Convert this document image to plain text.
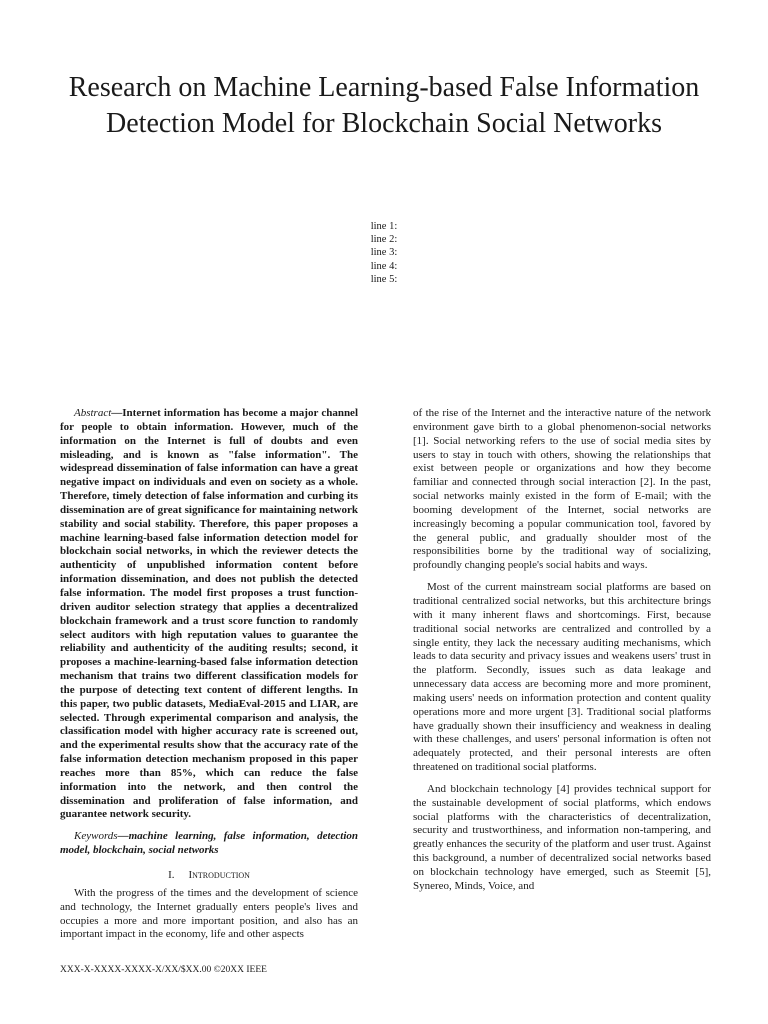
Research on Machine Learning-based False Information Detection Model for Blockchain Social Networks
line 1:
line 2:
line 3:
line 4:
line 5:

Abstract—Internet information has become a major channel for people to obtain information. However, much of the information on the Internet is full of doubts and even misleading, and is known as "false information". The widespread dissemination of false information can have a great negative impact on individuals and even on society as a whole. Therefore, timely detection of false information and curbing its dissemination are of great significance for maintaining network stability and social stability. Therefore, this paper proposes a machine learning-based false information detection model for blockchain social networks, in which the reviewer detects the authenticity of unpublished information content before information dissemination, and does not publish the detected false information. The model first proposes a trust function-driven auditor selection strategy that applies a decentralized blockchain framework and a trust score function to randomly select auditors with high reputation values to guarantee the reliability and authenticity of the auditing results; second, it proposes a machine-learning-based false information detection mechanism that trains two different classification models for the purpose of detecting text content of different lengths. In this paper, two public datasets, MediaEval-2015 and LIAR, are selected. Through experimental comparison and analysis, the classification model with higher accuracy rate is screened out, and the experimental results show that the accuracy rate of the false information detection mechanism proposed in this paper reaches more than 85%, which can reduce the false information into the network, and then control the dissemination and proliferation of false information, and guarantee network security.

Keywords—machine learning, false information, detection model, blockchain, social networks

I. Introduction

With the progress of the times and the development of science and technology, the Internet gradually enters people's lives and occupies a more and more important position, and also has an important impact in the economy, life and other aspects

of the rise of the Internet and the interactive nature of the network environment gave birth to a global phenomenon-social networks [1]. Social networking refers to the use of social media sites by users to stay in touch with others, showing the relationships that exist between people or organizations and how they become familiar and connected through social interaction [2]. In the past, social networks mainly existed in the form of E-mail; with the booming development of the Internet, social networks are increasingly becoming a popular communication tool, favored by the general public, and gradually shoulder most of the responsibilities borne by the traditional way of socializing, profoundly changing people's social habits and ways.

Most of the current mainstream social platforms are based on traditional centralized social networks, but this architecture brings with it many inherent flaws and shortcomings. First, because traditional social networks are centralized and controlled by a single entity, they lack the necessary auditing mechanisms, which leads to data security and privacy issues and weakens users' trust in the platform. Secondly, issues such as data leakage and unnecessary data access are becoming more and more prominent, making users' needs on information protection and content quality operations more and more urgent [3]. Traditional social platforms have gradually shown their insufficiency and weakness in dealing with these challenges, and users' personal information is often not adequately protected, and their personal interests are often threatened on traditional social platforms.

And blockchain technology [4] provides technical support for the sustainable development of social platforms, which endows social platforms with the characteristics of decentralization, security and trustworthiness, and information non-tampering, and greatly enhances the security of the platform and user trust. Against this background, a number of decentralized social networks based on blockchain technology have emerged, such as Steemit [5], Synereo, Minds, Voice, and

XXX-X-XXXX-XXXX-X/XX/$XX.00 ©20XX IEEE
